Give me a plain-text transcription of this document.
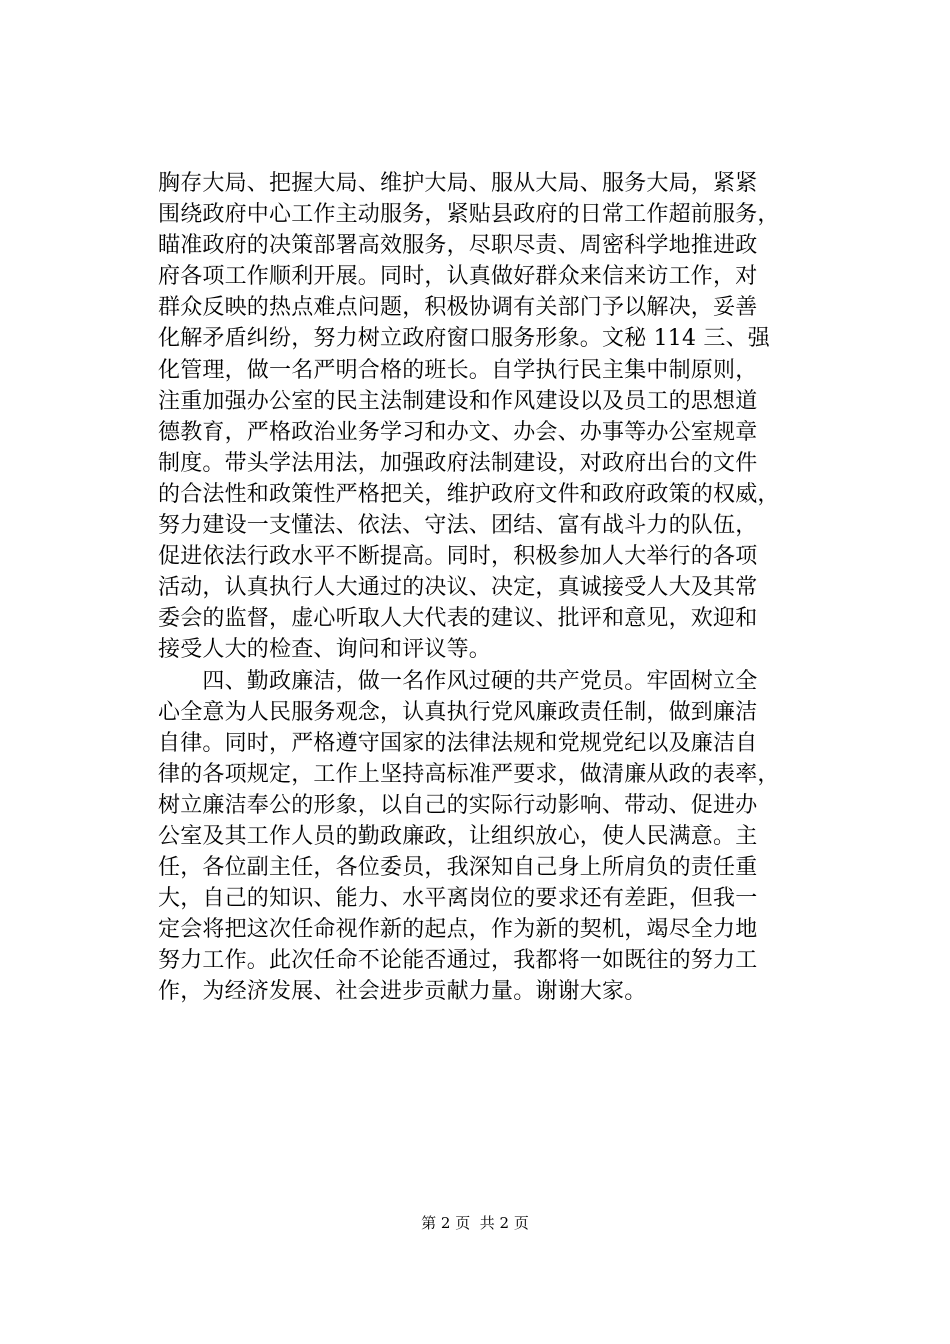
胸存大局、把握大局、维护大局、服从大局、服务大局，紧紧
围绕政府中心工作主动服务，紧贴县政府的日常工作超前服务，
瞄准政府的决策部署高效服务，尽职尽责、周密科学地推进政
府各项工作顺利开展。同时，认真做好群众来信来访工作，对
群众反映的热点难点问题，积极协调有关部门予以解决，妥善
化解矛盾纠纷，努力树立政府窗口服务形象。文秘 114 三、强
化管理，做一名严明合格的班长。自学执行民主集中制原则，
注重加强办公室的民主法制建设和作风建设以及员工的思想道
德教育，严格政治业务学习和办文、办会、办事等办公室规章
制度。带头学法用法，加强政府法制建设，对政府出台的文件
的合法性和政策性严格把关，维护政府文件和政府政策的权威，
努力建设一支懂法、依法、守法、团结、富有战斗力的队伍，
促进依法行政水平不断提高。同时，积极参加人大举行的各项
活动，认真执行人大通过的决议、决定，真诚接受人大及其常
委会的监督，虚心听取人大代表的建议、批评和意见，欢迎和
接受人大的检查、询问和评议等。
　　四、勤政廉洁，做一名作风过硬的共产党员。牢固树立全
心全意为人民服务观念，认真执行党风廉政责任制，做到廉洁
自律。同时，严格遵守国家的法律法规和党规党纪以及廉洁自
律的各项规定，工作上坚持高标准严要求，做清廉从政的表率，
树立廉洁奉公的形象，以自己的实际行动影响、带动、促进办
公室及其工作人员的勤政廉政，让组织放心，使人民满意。主
任，各位副主任，各位委员，我深知自己身上所肩负的责任重
大，自己的知识、能力、水平离岗位的要求还有差距，但我一
定会将把这次任命视作新的起点，作为新的契机，竭尽全力地
努力工作。此次任命不论能否通过，我都将一如既往的努力工
作，为经济发展、社会进步贡献力量。谢谢大家。
第 2 页  共 2 页
